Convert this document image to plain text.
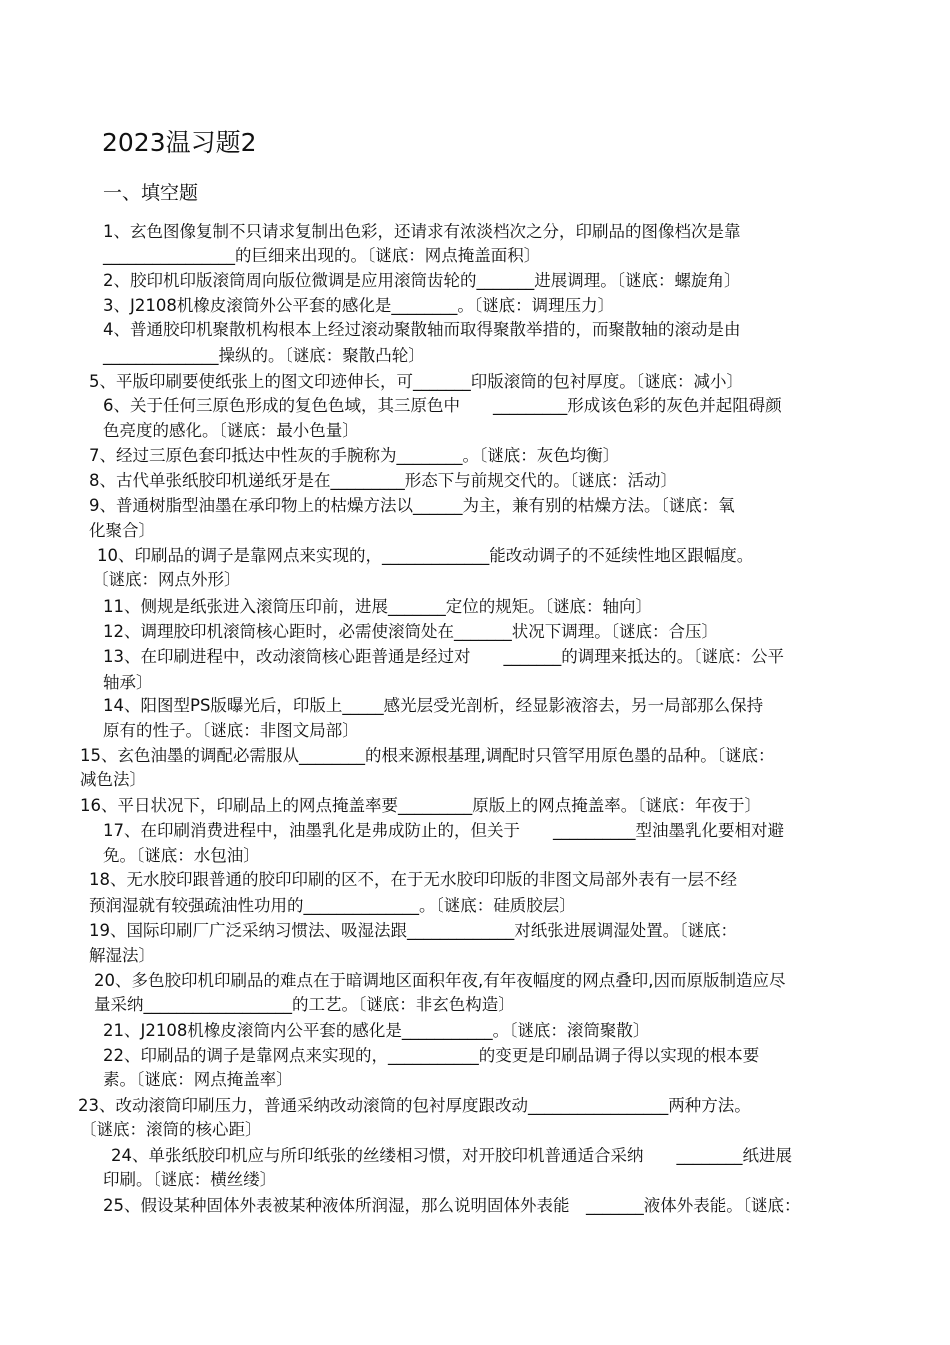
2023温习题2
一、填空题
1、玄色图像复制不只请求复制出色彩，还请求有浓淡档次之分，印刷品的图像档次是靠
________________的巨细来出现的。〔谜底：网点掩盖面积〕
2、胶印机印版滚筒周向版位微调是应用滚筒齿轮的_______进展调理。〔谜底：螺旋角〕
3、J2108机橡皮滚筒外公平套的感化是________。〔谜底：调理压力〕
4、普通胶印机聚散机构根本上经过滚动聚散轴而取得聚散举措的，而聚散轴的滚动是由
______________操纵的。〔谜底：聚散凸轮〕
5、平版印刷要使纸张上的图文印迹伸长，可_______印版滚筒的包衬厚度。〔谜底：减小〕
6、关于任何三原色形成的复色色域，其三原色中　　_________形成该色彩的灰色并起阻碍颜
色亮度的感化。〔谜底：最小色量〕
7、经过三原色套印抵达中性灰的手腕称为________。〔谜底：灰色均衡〕
8、古代单张纸胶印机递纸牙是在_________形态下与前规交代的。〔谜底：活动〕
9、普通树脂型油墨在承印物上的枯燥方法以______为主，兼有别的枯燥方法。〔谜底：氧
化聚合〕
10、印刷品的调子是靠网点来实现的，_____________能改动调子的不延续性地区跟幅度。
〔谜底：网点外形〕
11、侧规是纸张进入滚筒压印前，进展_______定位的规矩。〔谜底：轴向〕
12、调理胶印机滚筒核心距时，必需使滚筒处在_______状况下调理。〔谜底：合压〕
13、在印刷进程中，改动滚筒核心距普通是经过对　　_______的调理来抵达的。〔谜底：公平
轴承〕
14、阳图型PS版曝光后，印版上_____感光层受光剖析，经显影液溶去，另一局部那么保持
原有的性子。〔谜底：非图文局部〕
15、玄色油墨的调配必需服从________的根来源根基理,调配时只管罕用原色墨的品种。〔谜底：
减色法〕
16、平日状况下，印刷品上的网点掩盖率要_________原版上的网点掩盖率。〔谜底：年夜于〕
17、在印刷消费进程中，油墨乳化是弗成防止的，但关于　　__________型油墨乳化要相对避
免。〔谜底：水包油〕
18、无水胶印跟普通的胶印印刷的区不，在于无水胶印印版的非图文局部外表有一层不经
预润湿就有较强疏油性功用的______________。〔谜底：硅质胶层〕
19、国际印刷厂广泛采纳习惯法、吸湿法跟_____________对纸张进展调湿处置。〔谜底：
解湿法〕
20、多色胶印机印刷品的难点在于暗调地区面积年夜,有年夜幅度的网点叠印,因而原版制造应尽
量采纳__________________的工艺。〔谜底：非玄色构造〕
21、J2108机橡皮滚筒内公平套的感化是___________。〔谜底：滚筒聚散〕
22、印刷品的调子是靠网点来实现的，___________的变更是印刷品调子得以实现的根本要
素。〔谜底：网点掩盖率〕
23、改动滚筒印刷压力，普通采纳改动滚筒的包衬厚度跟改动_________________两种方法。
〔谜底：滚筒的核心距〕
24、单张纸胶印机应与所印纸张的丝缕相习惯，对开胶印机普通适合采纳　　________纸进展
印刷。〔谜底：横丝缕〕
25、假设某种固体外表被某种液体所润湿，那么说明固体外表能　_______液体外表能。〔谜底：
